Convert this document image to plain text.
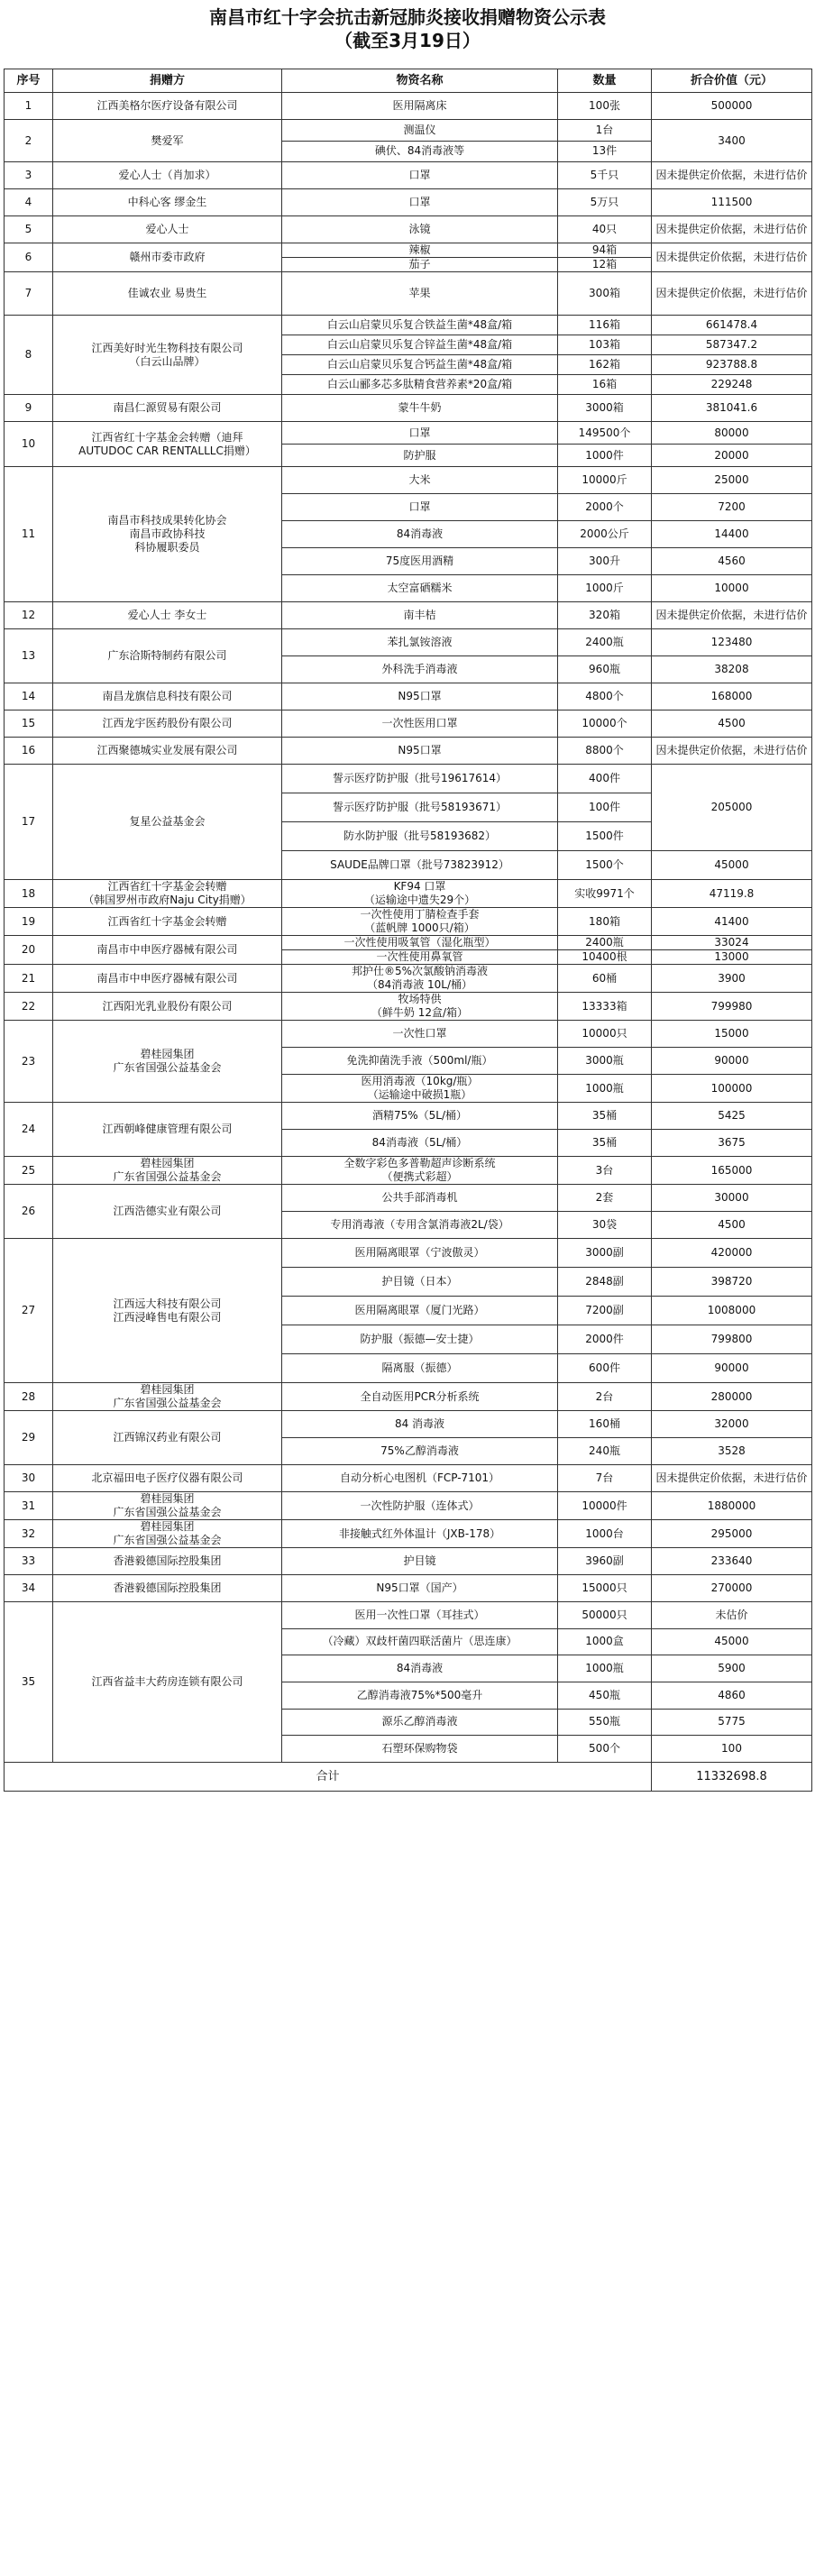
南昌市红十字会抗击新冠肺炎接收捐赠物资公示表
（截至3月19日）
序号	捐赠方	物资名称	数量	折合价值（元）
1	江西美格尔医疗设备有限公司	医用隔离床	100张	500000
2	樊爱军	测温仪	1台	3400
		碘伏、84消毒液等	13件	
3	爱心人士（肖加求）	口罩	5千只	因未提供定价依据，未进行估价
4	中科心客 缪金生	口罩	5万只	111500
5	爱心人士	泳镜	40只	因未提供定价依据，未进行估价
6	赣州市委市政府	辣椒	94箱	因未提供定价依据，未进行估价
		茄子	12箱	
7	佳诚农业 易贵生	苹果	300箱	因未提供定价依据，未进行估价
8	江西美好时光生物科技有限公司
（白云山品牌）	白云山启蒙贝乐复合铁益生菌*48盒/箱	116箱	661478.4
		白云山启蒙贝乐复合锌益生菌*48盒/箱	103箱	587347.2
		白云山启蒙贝乐复合钙益生菌*48盒/箱	162箱	923788.8
		白云山郦多芯多肽精食营养素*20盒/箱	16箱	229248
9	南昌仁源贸易有限公司	蒙牛牛奶	3000箱	381041.6
10	江西省红十字基金会转赠（迪拜
AUTUDOC CAR RENTALLLC捐赠）	口罩	149500个	80000
		防护服	1000件	20000
11	南昌市科技成果转化协会
南昌市政协科技
科协履职委员	大米	10000斤	25000
		口罩	2000个	7200
		84消毒液	2000公斤	14400
		75度医用酒精	300升	4560
		太空富硒糯米	1000斤	10000
12	爱心人士 李女士	南丰桔	320箱	因未提供定价依据，未进行估价
13	广东洽斯特制药有限公司	苯扎氯铵溶液	2400瓶	123480
		外科洗手消毒液	960瓶	38208
14	南昌龙旗信息科技有限公司	N95口罩	4800个	168000
15	江西龙宇医药股份有限公司	一次性医用口罩	10000个	4500
16	江西聚德城实业发展有限公司	N95口罩	8800个	因未提供定价依据，未进行估价
17	复星公益基金会	誓示医疗防护服（批号19617614）	400件	205000
		誓示医疗防护服（批号58193671）	100件	
		防水防护服（批号58193682）	1500件	
		SAUDE品牌口罩（批号73823912）	1500个	45000
18	江西省红十字基金会转赠
（韩国罗州市政府Naju City捐赠）	KF94 口罩
（运输途中遗失29个）	实收9971个	47119.8
19	江西省红十字基金会转赠	一次性使用丁腈检查手套
（蓝帆牌 1000只/箱）	180箱	41400
20	南昌市中申医疗器械有限公司	一次性使用吸氧管（湿化瓶型）	2400瓶	33024
		一次性使用鼻氧管	10400根	13000
21	南昌市中申医疗器械有限公司	邦护仕®5%次氯酸钠消毒液
（84消毒液 10L/桶）	60桶	3900
22	江西阳光乳业股份有限公司	牧场特供
（鲜牛奶 12盒/箱）	13333箱	799980
23	碧桂园集团
广东省国强公益基金会	一次性口罩	10000只	15000
		免洗抑菌洗手液（500ml/瓶）	3000瓶	90000
		医用消毒液（10kg/瓶）
（运输途中破损1瓶）	1000瓶	100000
24	江西朝峰健康管理有限公司	酒精75%（5L/桶）	35桶	5425
		84消毒液（5L/桶）	35桶	3675
25	碧桂园集团
广东省国强公益基金会	全数字彩色多普勒超声诊断系统
（便携式彩超）	3台	165000
26	江西浩德实业有限公司	公共手部消毒机	2套	30000
		专用消毒液（专用含氯消毒液2L/袋）	30袋	4500
27	江西远大科技有限公司
江西浸峰售电有限公司	医用隔离眼罩（宁波傲灵）	3000副	420000
		护目镜（日本）	2848副	398720
		医用隔离眼罩（厦门光路）	7200副	1008000
		防护服（振德—安士捷）	2000件	799800
		隔离服（振德）	600件	90000
28	碧桂园集团
广东省国强公益基金会	全自动医用PCR分析系统	2台	280000
29	江西锦汉药业有限公司	84 消毒液	160桶	32000
		75%乙醇消毒液	240瓶	3528
30	北京福田电子医疗仪器有限公司	自动分析心电图机（FCP-7101）	7台	因未提供定价依据，未进行估价
31	碧桂园集团
广东省国强公益基金会	一次性防护服（连体式）	10000件	1880000
32	碧桂园集团
广东省国强公益基金会	非接触式红外体温计（JXB-178）	1000台	295000
33	香港毅德国际控股集团	护目镜	3960副	233640
34	香港毅德国际控股集团	N95口罩（国产）	15000只	270000
35	江西省益丰大药房连锁有限公司	医用一次性口罩（耳挂式）	50000只	未估价
		（冷藏）双歧杆菌四联活菌片（思连康）	1000盒	45000
		84消毒液	1000瓶	5900
		乙醇消毒液75%*500毫升	450瓶	4860
		源乐乙醇消毒液	550瓶	5775
		石塑环保购物袋	500个	100
合计				11332698.8
